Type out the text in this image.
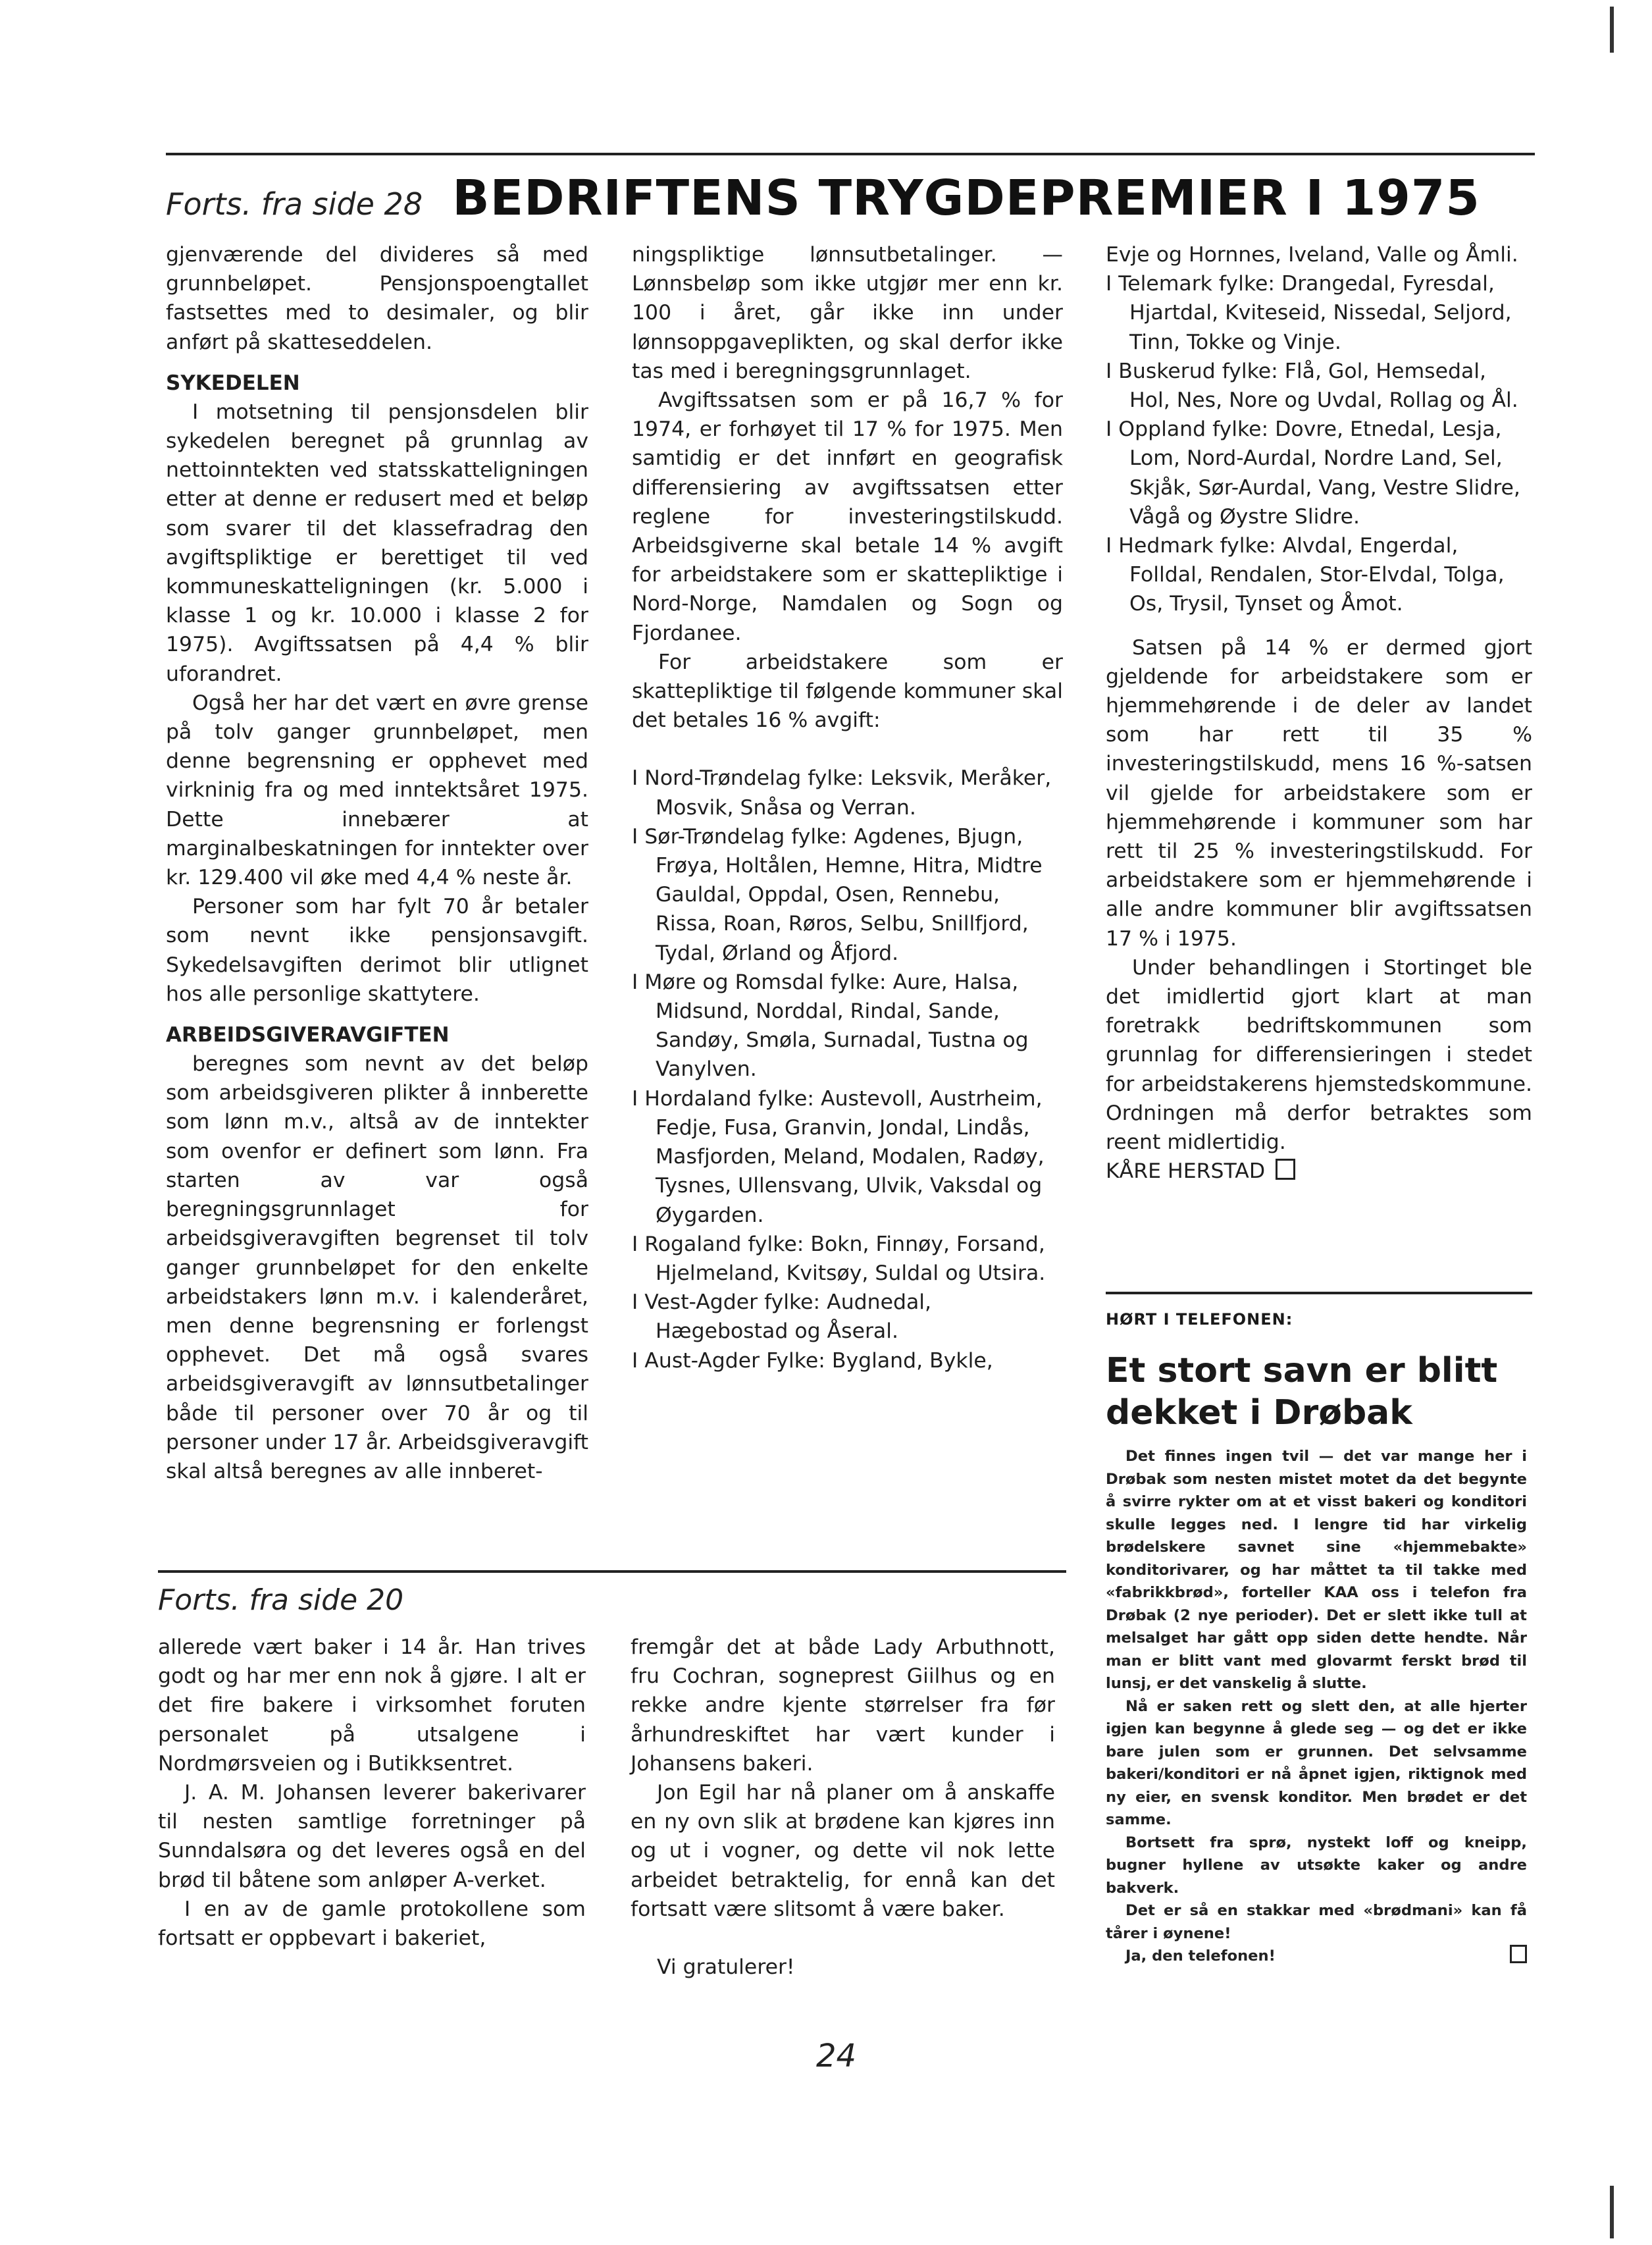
Forts. fra side 28 BEDRIFTENS TRYGDEPREMIER I 1975

gjenværende del divideres så med grunnbeløpet. Pensjonspoengtallet fastsettes med to desimaler, og blir anført på skatteseddelen.

SYKEDELEN

I motsetning til pensjonsdelen blir sykedelen beregnet på grunnlag av nettoinntekten ved statsskatteligningen etter at denne er redusert med et beløp som svarer til det klassefradrag den avgiftspliktige er berettiget til ved kommuneskatteligningen (kr. 5.000 i klasse 1 og kr. 10.000 i klasse 2 for 1975). Avgiftssatsen på 4,4 % blir uforandret.

Også her har det vært en øvre grense på tolv ganger grunnbeløpet, men denne begrensning er opphevet med virkninig fra og med inntektsåret 1975. Dette innebærer at marginalbeskatningen for inntekter over kr. 129.400 vil øke med 4,4 % neste år.

Personer som har fylt 70 år betaler som nevnt ikke pensjonsavgift. Sykedelsavgiften derimot blir utlignet hos alle personlige skattytere.

ARBEIDSGIVERAVGIFTEN

beregnes som nevnt av det beløp som arbeidsgiveren plikter å innberette som lønn m.v., altså av de inntekter som ovenfor er definert som lønn. Fra starten av var også beregningsgrunnlaget for arbeidsgiveravgiften begrenset til tolv ganger grunnbeløpet for den enkelte arbeidstakers lønn m.v. i kalenderåret, men denne begrensning er forlengst opphevet. Det må også svares arbeidsgiveravgift av lønnsutbetalinger både til personer over 70 år og til personer under 17 år. Arbeidsgiveravgift skal altså beregnes av alle innberet-

ningspliktige lønnsutbetalinger. — Lønnsbeløp som ikke utgjør mer enn kr. 100 i året, går ikke inn under lønnsoppgaveplikten, og skal derfor ikke tas med i beregningsgrunnlaget.

Avgiftssatsen som er på 16,7 % for 1974, er forhøyet til 17 % for 1975. Men samtidig er det innført en geografisk differensiering av avgiftssatsen etter reglene for investeringstilskudd. Arbeidsgiverne skal betale 14 % avgift for arbeidstakere som er skattepliktige i Nord-Norge, Namdalen og Sogn og Fjordanee.

For arbeidstakere som er skattepliktige til følgende kommuner skal det betales 16 % avgift:

I Nord-Trøndelag fylke: Leksvik, Meråker, Mosvik, Snåsa og Verran.
I Sør-Trøndelag fylke: Agdenes, Bjugn, Frøya, Holtålen, Hemne, Hitra, Midtre Gauldal, Oppdal, Osen, Rennebu, Rissa, Roan, Røros, Selbu, Snillfjord, Tydal, Ørland og Åfjord.
I Møre og Romsdal fylke: Aure, Halsa, Midsund, Norddal, Rindal, Sande, Sandøy, Smøla, Surnadal, Tustna og Vanylven.
I Hordaland fylke: Austevoll, Austrheim, Fedje, Fusa, Granvin, Jondal, Lindås, Masfjorden, Meland, Modalen, Radøy, Tysnes, Ullensvang, Ulvik, Vaksdal og Øygarden.
I Rogaland fylke: Bokn, Finnøy, Forsand, Hjelmeland, Kvitsøy, Suldal og Utsira.
I Vest-Agder fylke: Audnedal, Hægebostad og Åseral.
I Aust-Agder Fylke: Bygland, Bykle,
Evje og Hornnes, Iveland, Valle og Åmli.
I Telemark fylke: Drangedal, Fyresdal, Hjartdal, Kviteseid, Nissedal, Seljord, Tinn, Tokke og Vinje.
I Buskerud fylke: Flå, Gol, Hemsedal, Hol, Nes, Nore og Uvdal, Rollag og Ål.
I Oppland fylke: Dovre, Etnedal, Lesja, Lom, Nord-Aurdal, Nordre Land, Sel, Skjåk, Sør-Aurdal, Vang, Vestre Slidre, Vågå og Øystre Slidre.
I Hedmark fylke: Alvdal, Engerdal, Folldal, Rendalen, Stor-Elvdal, Tolga, Os, Trysil, Tynset og Åmot.

Satsen på 14 % er dermed gjort gjeldende for arbeidstakere som er hjemmehørende i de deler av landet som har rett til 35 % investeringstilskudd, mens 16 %-satsen vil gjelde for arbeidstakere som er hjemmehørende i kommuner som har rett til 25 % investeringstilskudd. For arbeidstakere som er hjemmehørende i alle andre kommuner blir avgiftssatsen 17 % i 1975.

Under behandlingen i Stortinget ble det imidlertid gjort klart at man foretrakk bedriftskommunen som grunnlag for differensieringen i stedet for arbeidstakerens hjemstedskommune. Ordningen må derfor betraktes som reent midlertidig.

KÅRE HERSTAD

Forts. fra side 20

allerede vært baker i 14 år. Han trives godt og har mer enn nok å gjøre. I alt er det fire bakere i virksomhet foruten personalet på utsalgene i Nordmørsveien og i Butikksentret.

J. A. M. Johansen leverer bakerivarer til nesten samtlige forretninger på Sunndalsøra og det leveres også en del brød til båtene som anløper A-verket.

I en av de gamle protokollene som fortsatt er oppbevart i bakeriet,

fremgår det at både Lady Arbuthnott, fru Cochran, sogneprest Giilhus og en rekke andre kjente størrelser fra før århundreskiftet har vært kunder i Johansens bakeri.

Jon Egil har nå planer om å anskaffe en ny ovn slik at brødene kan kjøres inn og ut i vogner, og dette vil nok lette arbeidet betraktelig, for ennå kan det fortsatt være slitsomt å være baker.

Vi gratulerer!

HØRT I TELEFONEN:
Et stort savn er blitt dekket i Drøbak

Det finnes ingen tvil — det var mange her i Drøbak som nesten mistet motet da det begynte å svirre rykter om at et visst bakeri og konditori skulle legges ned. I lengre tid har virkelig brødelskere savnet sine «hjemmebakte» konditorivarer, og har måttet ta til takke med «fabrikkbrød», forteller KAA oss i telefon fra Drøbak (2 nye perioder). Det er slett ikke tull at melsalget har gått opp siden dette hendte. Når man er blitt vant med glovarmt ferskt brød til lunsj, er det vanskelig å slutte.

Nå er saken rett og slett den, at alle hjerter igjen kan begynne å glede seg — og det er ikke bare julen som er grunnen. Det selvsamme bakeri/konditori er nå åpnet igjen, riktignok med ny eier, en svensk konditor. Men brødet er det samme.

Bortsett fra sprø, nystekt loff og kneipp, bugner hyllene av utsøkte kaker og andre bakverk.

Det er så en stakkar med «brødmani» kan få tårer i øynene!

Ja, den telefonen!

24
